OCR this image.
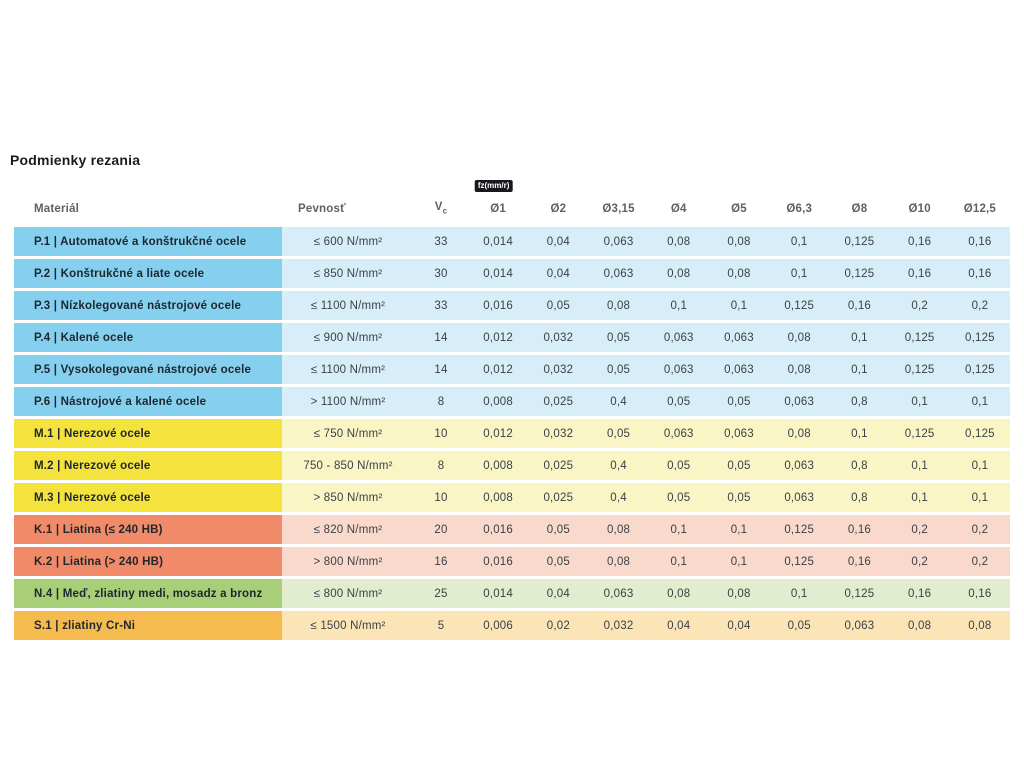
Podmienky rezania
Materiál	Pevnosť	$V_c$	fz(mm/r)
Ø1	Ø2	Ø3,15	Ø4	Ø5	Ø6,3	Ø8	Ø10	Ø12,5
P.1 | Automatové a konštrukčné ocele	≤ 600 N/mm²	33	0,014	0,04	0,063	0,08	0,08	0,1	0,125	0,16	0,16
P.2 | Konštrukčné a liate ocele	≤ 850 N/mm²	30	0,014	0,04	0,063	0,08	0,08	0,1	0,125	0,16	0,16
P.3 | Nízkolegované nástrojové ocele	≤ 1100 N/mm²	33	0,016	0,05	0,08	0,1	0,1	0,125	0,16	0,2	0,2
P.4 | Kalené ocele	≤ 900 N/mm²	14	0,012	0,032	0,05	0,063	0,063	0,08	0,1	0,125	0,125
P.5 | Vysokolegované nástrojové ocele	≤ 1100 N/mm²	14	0,012	0,032	0,05	0,063	0,063	0,08	0,1	0,125	0,125
P.6 | Nástrojové a kalené ocele	> 1100 N/mm²	8	0,008	0,025	0,4	0,05	0,05	0,063	0,8	0,1	0,1
M.1 | Nerezové ocele	≤ 750 N/mm²	10	0,012	0,032	0,05	0,063	0,063	0,08	0,1	0,125	0,125
M.2 | Nerezové ocele	750 - 850 N/mm²	8	0,008	0,025	0,4	0,05	0,05	0,063	0,8	0,1	0,1
M.3 | Nerezové ocele	> 850 N/mm²	10	0,008	0,025	0,4	0,05	0,05	0,063	0,8	0,1	0,1
K.1 | Liatina (≤ 240 HB)	≤ 820 N/mm²	20	0,016	0,05	0,08	0,1	0,1	0,125	0,16	0,2	0,2
K.2 | Liatina (> 240 HB)	> 800 N/mm²	16	0,016	0,05	0,08	0,1	0,1	0,125	0,16	0,2	0,2
N.4 | Meď, zliatiny medi, mosadz a bronz	≤ 800 N/mm²	25	0,014	0,04	0,063	0,08	0,08	0,1	0,125	0,16	0,16
S.1 | zliatiny Cr-Ni	≤ 1500 N/mm²	5	0,006	0,02	0,032	0,04	0,04	0,05	0,063	0,08	0,08
